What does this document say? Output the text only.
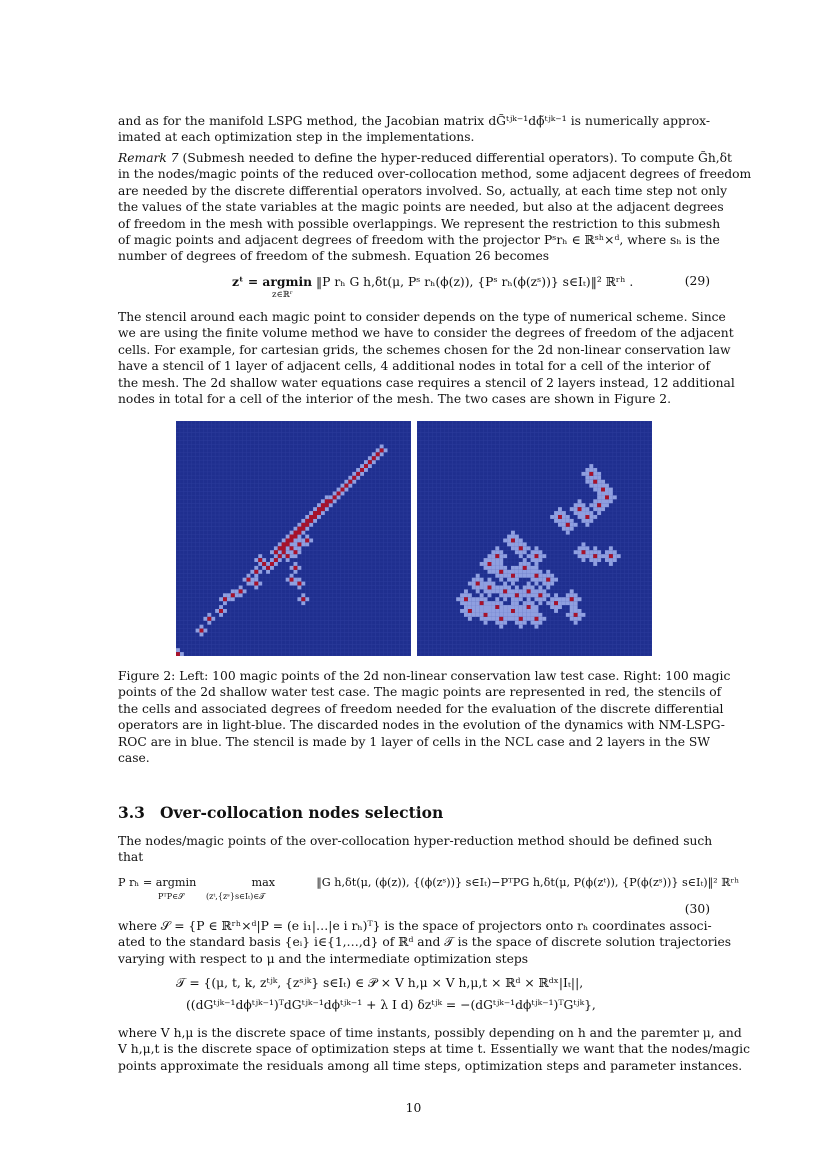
and as for the manifold LSPG method, the Jacobian matrix dG̃ᵗʲᵏ⁻¹dϕ̃ᵗʲᵏ⁻¹ is numerically approx-
imated at each optimization step in the implementations.
Remark 7 (Submesh needed to define the hyper-reduced differential operators). To compute G̃h,δt
in the nodes/magic points of the reduced over-collocation method, some adjacent degrees of freedom
are needed by the discrete differential operators involved. So, actually, at each time step not only
the values of the state variables at the magic points are needed, but also at the adjacent degrees
of freedom in the mesh with possible overlappings. We represent the restriction to this submesh
of magic points and adjacent degrees of freedom with the projector Pˢrₕ ∈ ℝˢʰ×ᵈ, where sₕ is the
number of degrees of freedom of the submesh. Equation 26 becomes
zᵗ = argmin ‖P rₕ G h,δt(μ, Pˢ rₕ(ϕ(z)), {Pˢ rₕ(ϕ(zˢ))} s∈Iₜ)‖² ℝʳʰ .
z∈ℝʳ
(29)
The stencil around each magic point to consider depends on the type of numerical scheme. Since
we are using the finite volume method we have to consider the degrees of freedom of the adjacent
cells. For example, for cartesian grids, the schemes chosen for the 2d non-linear conservation law
have a stencil of 1 layer of adjacent cells, 4 additional nodes in total for a cell of the interior of
the mesh. The 2d shallow water equations case requires a stencil of 2 layers instead, 12 additional
nodes in total for a cell of the interior of the mesh. The two cases are shown in Figure 2.
Figure 2: Left: 100 magic points of the 2d non-linear conservation law test case. Right: 100 magic
points of the 2d shallow water test case. The magic points are represented in red, the stencils of
the cells and associated degrees of freedom needed for the evaluation of the discrete differential
operators are in light-blue. The discarded nodes in the evolution of the dynamics with NM-LSPG-
ROC are in blue. The stencil is made by 1 layer of cells in the NCL case and 2 layers in the SW
case.
3.3 Over-collocation nodes selection
The nodes/magic points of the over-collocation hyper-reduction method should be defined such
that
P rₕ = argmin	max	‖G h,δt(μ, (ϕ(z)), {(ϕ(zˢ))} s∈Iₜ)−PᵀPG h,δt(μ, P(ϕ(zᵗ)), {P(ϕ(zˢ))} s∈Iₜ)‖² ℝʳʰ
PᵀP∈𝒮	(zᵗ,{zˢ}s∈Iₜ)∈𝒯
(30)
where 𝒮 = {P ∈ ℝʳʰ×ᵈ|P = (e i₁|…|e i rₕ)ᵀ} is the space of projectors onto rₕ coordinates associ-
ated to the standard basis {eᵢ} i∈{1,…,d} of ℝᵈ and 𝒯 is the space of discrete solution trajectories
varying with respect to μ and the intermediate optimization steps
𝒯 = {(μ, t, k, zᵗʲᵏ, {zˢʲᵏ} s∈Iₜ) ∈ 𝒫 × V h,μ × V h,μ,t × ℝᵈ × ℝᵈˣ|Iₜ||,
((dGᵗʲᵏ⁻¹dϕᵗʲᵏ⁻¹)ᵀdGᵗʲᵏ⁻¹dϕᵗʲᵏ⁻¹ + λ I d) δzᵗʲᵏ = −(dGᵗʲᵏ⁻¹dϕᵗʲᵏ⁻¹)ᵀGᵗʲᵏ},
where V h,μ is the discrete space of time instants, possibly depending on h and the paremter μ, and
V h,μ,t is the discrete space of optimization steps at time t. Essentially we want that the nodes/magic
points approximate the residuals among all time steps, optimization steps and parameter instances.
10
